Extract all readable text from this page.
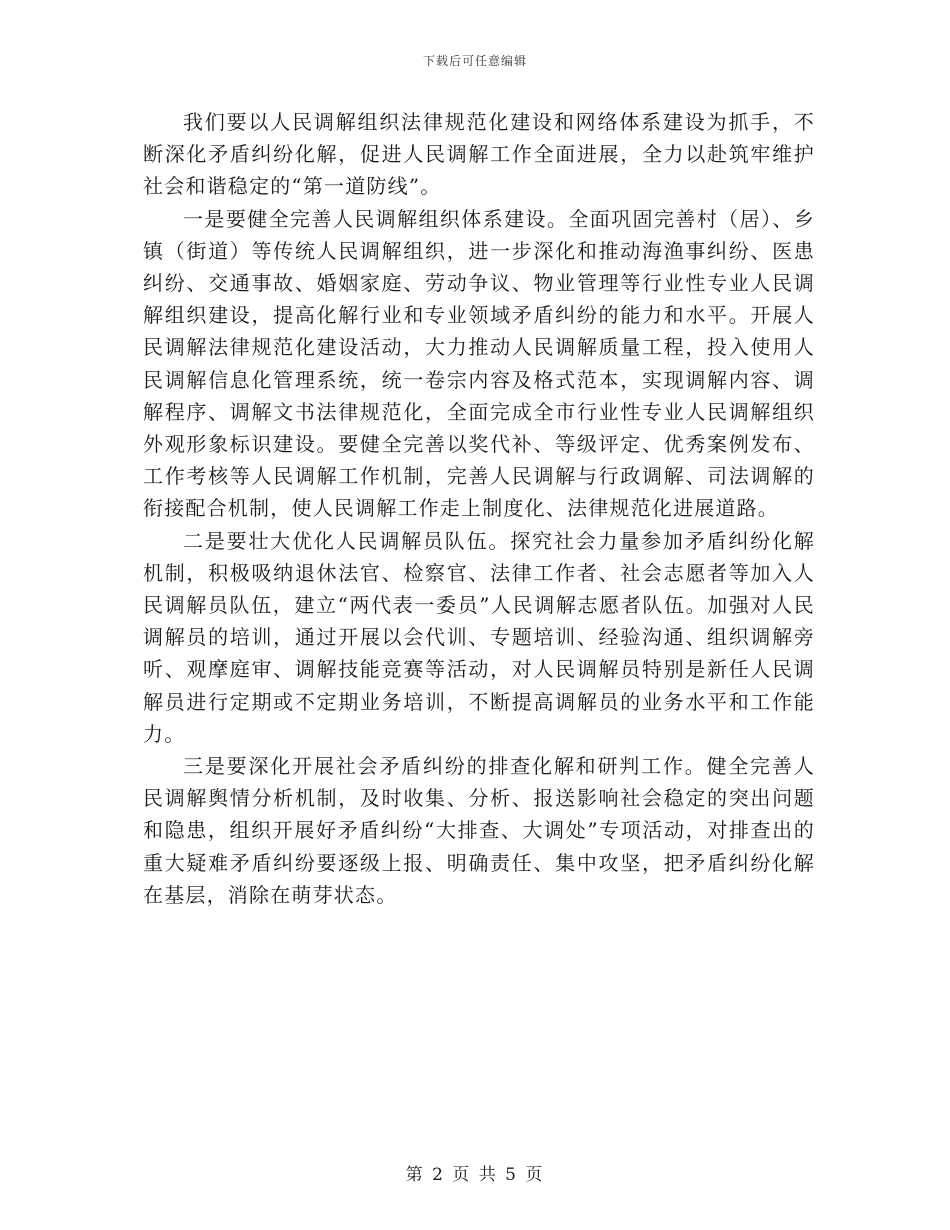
下载后可任意编辑

我们要以人民调解组织法律规范化建设和网络体系建设为抓手，不断深化矛盾纠纷化解，促进人民调解工作全面进展，全力以赴筑牢维护社会和谐稳定的“第一道防线”。

一是要健全完善人民调解组织体系建设。全面巩固完善村（居）、乡镇（街道）等传统人民调解组织，进一步深化和推动海渔事纠纷、医患纠纷、交通事故、婚姻家庭、劳动争议、物业管理等行业性专业人民调解组织建设，提高化解行业和专业领域矛盾纠纷的能力和水平。开展人民调解法律规范化建设活动，大力推动人民调解质量工程，投入使用人民调解信息化管理系统，统一卷宗内容及格式范本，实现调解内容、调解程序、调解文书法律规范化，全面完成全市行业性专业人民调解组织外观形象标识建设。要健全完善以奖代补、等级评定、优秀案例发布、工作考核等人民调解工作机制，完善人民调解与行政调解、司法调解的衔接配合机制，使人民调解工作走上制度化、法律规范化进展道路。

二是要壮大优化人民调解员队伍。探究社会力量参加矛盾纠纷化解机制，积极吸纳退休法官、检察官、法律工作者、社会志愿者等加入人民调解员队伍，建立“两代表一委员”人民调解志愿者队伍。加强对人民调解员的培训，通过开展以会代训、专题培训、经验沟通、组织调解旁听、观摩庭审、调解技能竞赛等活动，对人民调解员特别是新任人民调解员进行定期或不定期业务培训，不断提高调解员的业务水平和工作能力。

三是要深化开展社会矛盾纠纷的排查化解和研判工作。健全完善人民调解舆情分析机制，及时收集、分析、报送影响社会稳定的突出问题和隐患，组织开展好矛盾纠纷“大排查、大调处”专项活动，对排查出的重大疑难矛盾纠纷要逐级上报、明确责任、集中攻坚，把矛盾纠纷化解在基层，消除在萌芽状态。

第 2 页 共 5 页
